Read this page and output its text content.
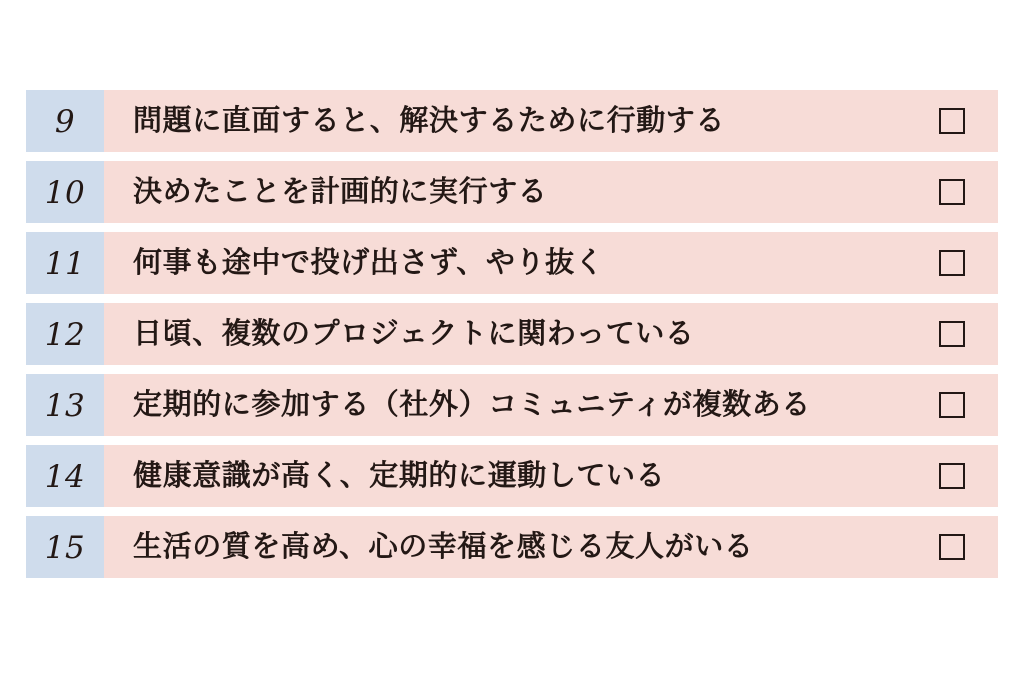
9 問題に直面すると、解決するために行動する
10 決めたことを計画的に実行する
11 何事も途中で投げ出さず、やり抜く
12 日頃、複数のプロジェクトに関わっている
13 定期的に参加する（社外）コミュニティが複数ある
14 健康意識が高く、定期的に運動している
15 生活の質を高め、心の幸福を感じる友人がいる
